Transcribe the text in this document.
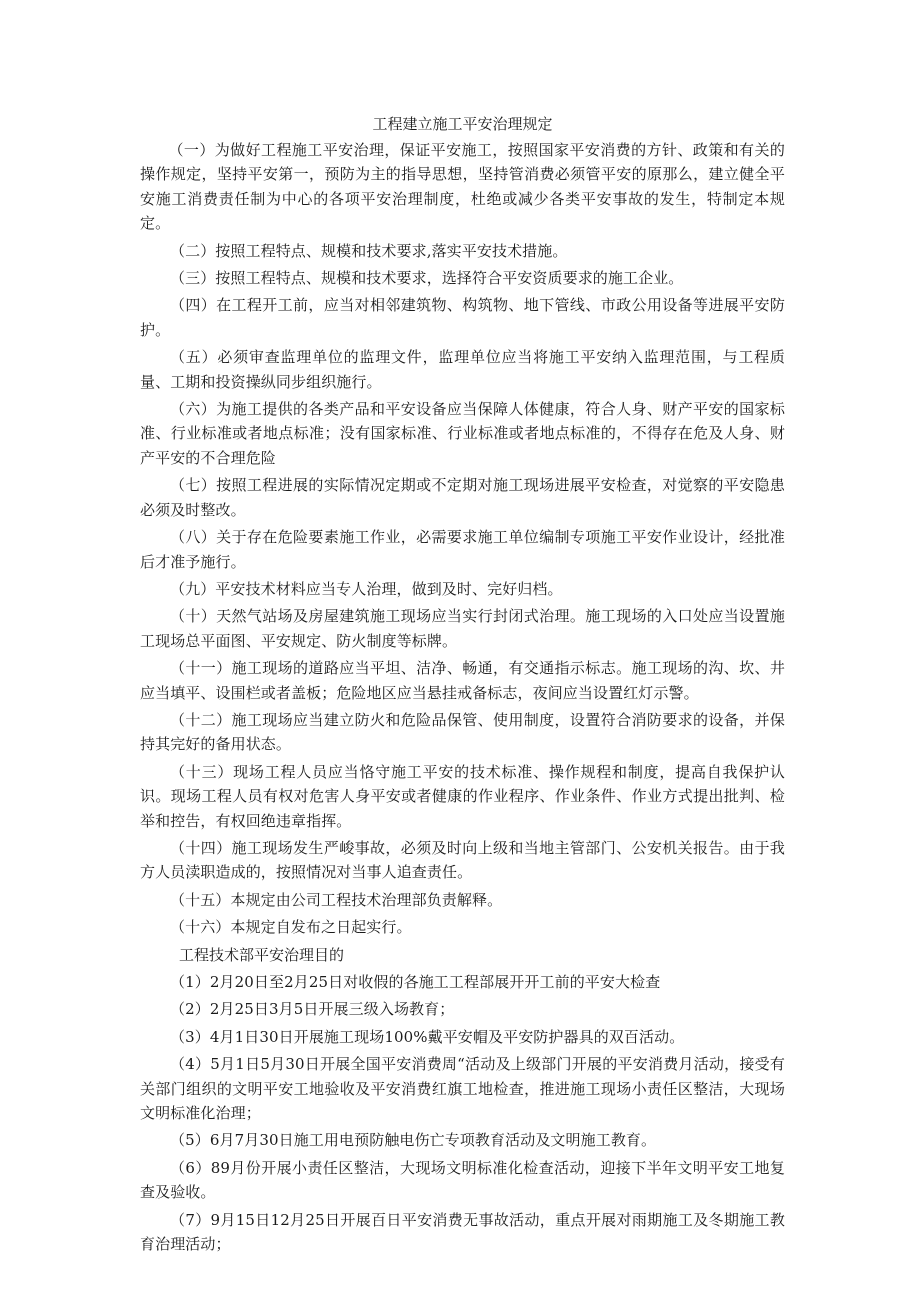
工程建立施工平安治理规定

（一）为做好工程施工平安治理，保证平安施工，按照国家平安消费的方针、政策和有关的操作规定，坚持平安第一，预防为主的指导思想，坚持管消费必须管平安的原那么，建立健全平安施工消费责任制为中心的各项平安治理制度，杜绝或减少各类平安事故的发生，特制定本规定。

（二）按照工程特点、规模和技术要求,落实平安技术措施。

（三）按照工程特点、规模和技术要求，选择符合平安资质要求的施工企业。

（四）在工程开工前，应当对相邻建筑物、构筑物、地下管线、市政公用设备等进展平安防护。

（五）必须审查监理单位的监理文件，监理单位应当将施工平安纳入监理范围，与工程质量、工期和投资操纵同步组织施行。

（六）为施工提供的各类产品和平安设备应当保障人体健康，符合人身、财产平安的国家标准、行业标准或者地点标准；没有国家标准、行业标准或者地点标准的，不得存在危及人身、财产平安的不合理危险

（七）按照工程进展的实际情况定期或不定期对施工现场进展平安检查，对觉察的平安隐患必须及时整改。

（八）关于存在危险要素施工作业，必需要求施工单位编制专项施工平安作业设计，经批准后才准予施行。

（九）平安技术材料应当专人治理，做到及时、完好归档。

（十）天然气站场及房屋建筑施工现场应当实行封闭式治理。施工现场的入口处应当设置施工现场总平面图、平安规定、防火制度等标牌。

（十一）施工现场的道路应当平坦、洁净、畅通，有交通指示标志。施工现场的沟、坎、井应当填平、设围栏或者盖板；危险地区应当悬挂戒备标志，夜间应当设置红灯示警。

（十二）施工现场应当建立防火和危险品保管、使用制度，设置符合消防要求的设备，并保持其完好的备用状态。

（十三）现场工程人员应当恪守施工平安的技术标准、操作规程和制度，提高自我保护认识。现场工程人员有权对危害人身平安或者健康的作业程序、作业条件、作业方式提出批判、检举和控告，有权回绝违章指挥。

（十四）施工现场发生严峻事故，必须及时向上级和当地主管部门、公安机关报告。由于我方人员渎职造成的，按照情况对当事人追查责任。

（十五）本规定由公司工程技术治理部负责解释。

（十六）本规定自发布之日起实行。

工程技术部平安治理目的

（1）2月20日至2月25日对收假的各施工工程部展开开工前的平安大检查

（2）2月25日3月5日开展三级入场教育；

（3）4月1日30日开展施工现场100%戴平安帽及平安防护器具的双百活动。

（4）5月1日5月30日开展全国平安消费周“活动及上级部门开展的平安消费月活动，接受有关部门组织的文明平安工地验收及平安消费红旗工地检查，推进施工现场小责任区整洁，大现场文明标准化治理；

（5）6月7月30日施工用电预防触电伤亡专项教育活动及文明施工教育。

（6）89月份开展小责任区整洁，大现场文明标准化检查活动，迎接下半年文明平安工地复查及验收。

（7）9月15日12月25日开展百日平安消费无事故活动，重点开展对雨期施工及冬期施工教育治理活动；
